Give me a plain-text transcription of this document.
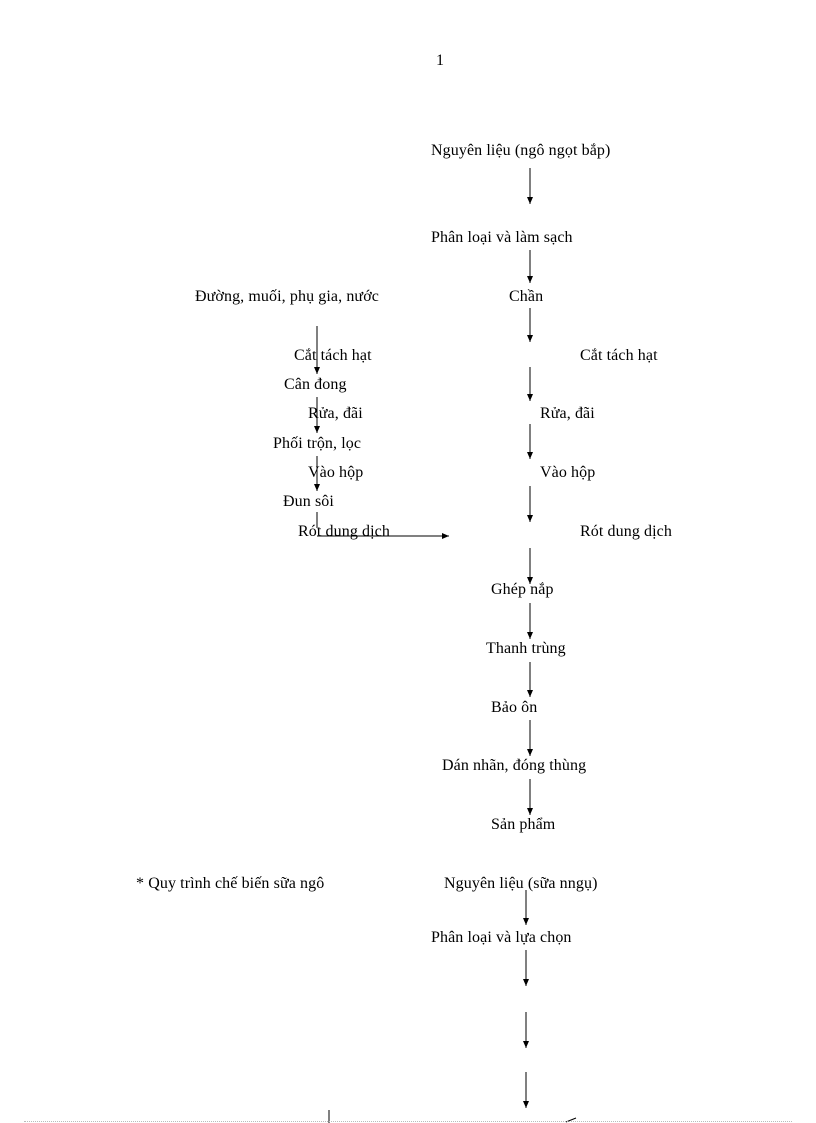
1
Nguyên liệu (ngô ngọt bắp)
Phân loại và làm sạch
Chần
Cắt tách hạt
Rửa, đãi
Vào hộp
Rót dung dịch
Ghép nắp
Thanh trùng
Bảo ôn
Dán nhãn, đóng thùng
Sản phẩm
Đường, muối, phụ gia, nước
Cắt tách hạt
Cân đong
Rửa, đãi
Phối trộn, lọc
Vào hộp
Đun sôi
Rót dung dịch
* Quy trình chế biến sữa ngô	Nguyên liệu (sữa nngụ)
Phân loại và lựa chọn
